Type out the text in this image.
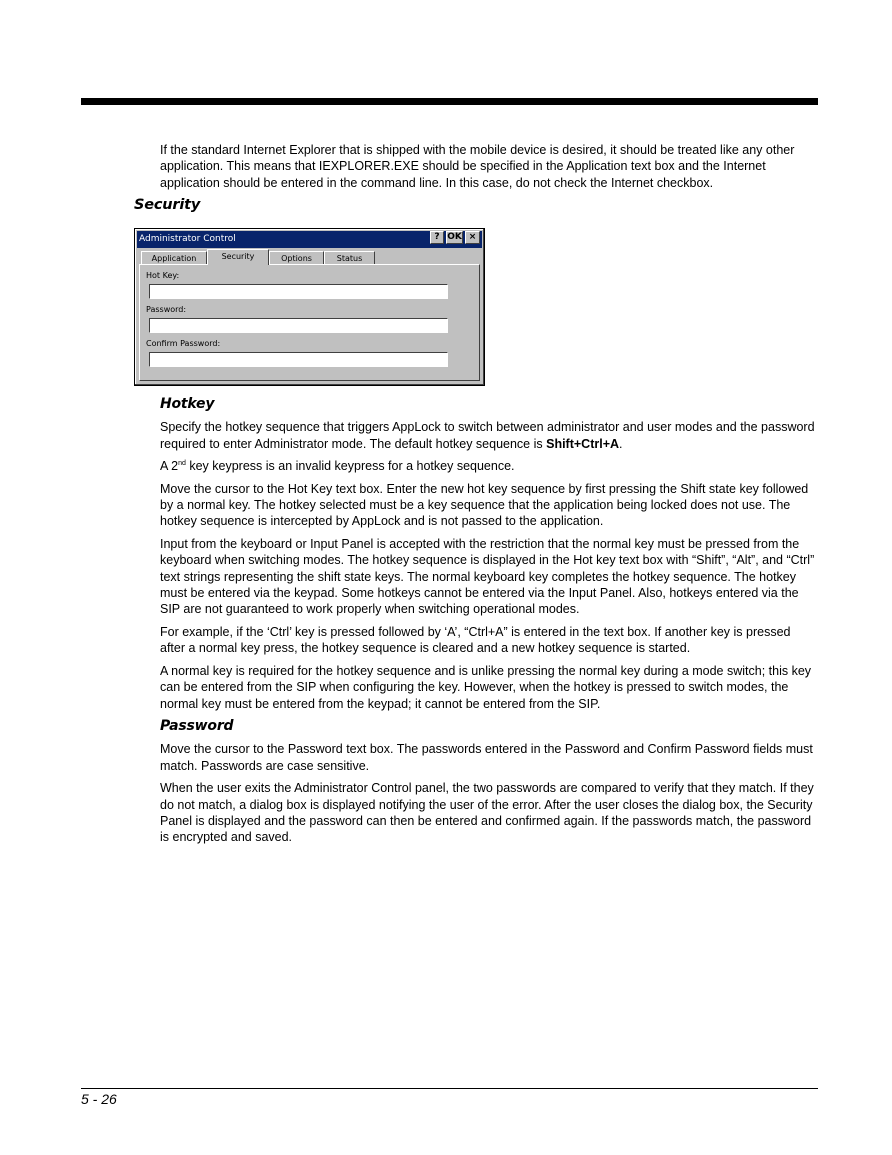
If the standard Internet Explorer that is shipped with the mobile device is desired, it should be treated like any other application. This means that IEXPLORER.EXE should be specified in the Application text box and the Internet application should be entered in the command line. In this case, do not check the Internet checkbox.

Security
Administrator Control	? OK ×
Application	Security	Options	Status
Hot Key:
Password:
Confirm Password:
Hotkey

Specify the hotkey sequence that triggers AppLock to switch between administrator and user modes and the password required to enter Administrator mode. The default hotkey sequence is Shift+Ctrl+A.

A 2nd key keypress is an invalid keypress for a hotkey sequence.

Move the cursor to the Hot Key text box. Enter the new hot key sequence by first pressing the Shift state key followed by a normal key. The hotkey selected must be a key sequence that the application being locked does not use. The hotkey sequence is intercepted by AppLock and is not passed to the application.

Input from the keyboard or Input Panel is accepted with the restriction that the normal key must be pressed from the keyboard when switching modes. The hotkey sequence is displayed in the Hot key text box with “Shift”, “Alt”, and “Ctrl” text strings representing the shift state keys. The normal keyboard key completes the hotkey sequence. The hotkey must be entered via the keypad. Some hotkeys cannot be entered via the Input Panel. Also, hotkeys entered via the SIP are not guaranteed to work properly when switching operational modes.

For example, if the ‘Ctrl’ key is pressed followed by ‘A’, “Ctrl+A” is entered in the text box. If another key is pressed after a normal key press, the hotkey sequence is cleared and a new hotkey sequence is started.

A normal key is required for the hotkey sequence and is unlike pressing the normal key during a mode switch; this key can be entered from the SIP when configuring the key. However, when the hotkey is pressed to switch modes, the normal key must be entered from the keypad; it cannot be entered from the SIP.

Password

Move the cursor to the Password text box. The passwords entered in the Password and Confirm Password fields must match. Passwords are case sensitive.

When the user exits the Administrator Control panel, the two passwords are compared to verify that they match. If they do not match, a dialog box is displayed notifying the user of the error. After the user closes the dialog box, the Security Panel is displayed and the password can then be entered and confirmed again. If the passwords match, the password is encrypted and saved.

5 - 26
